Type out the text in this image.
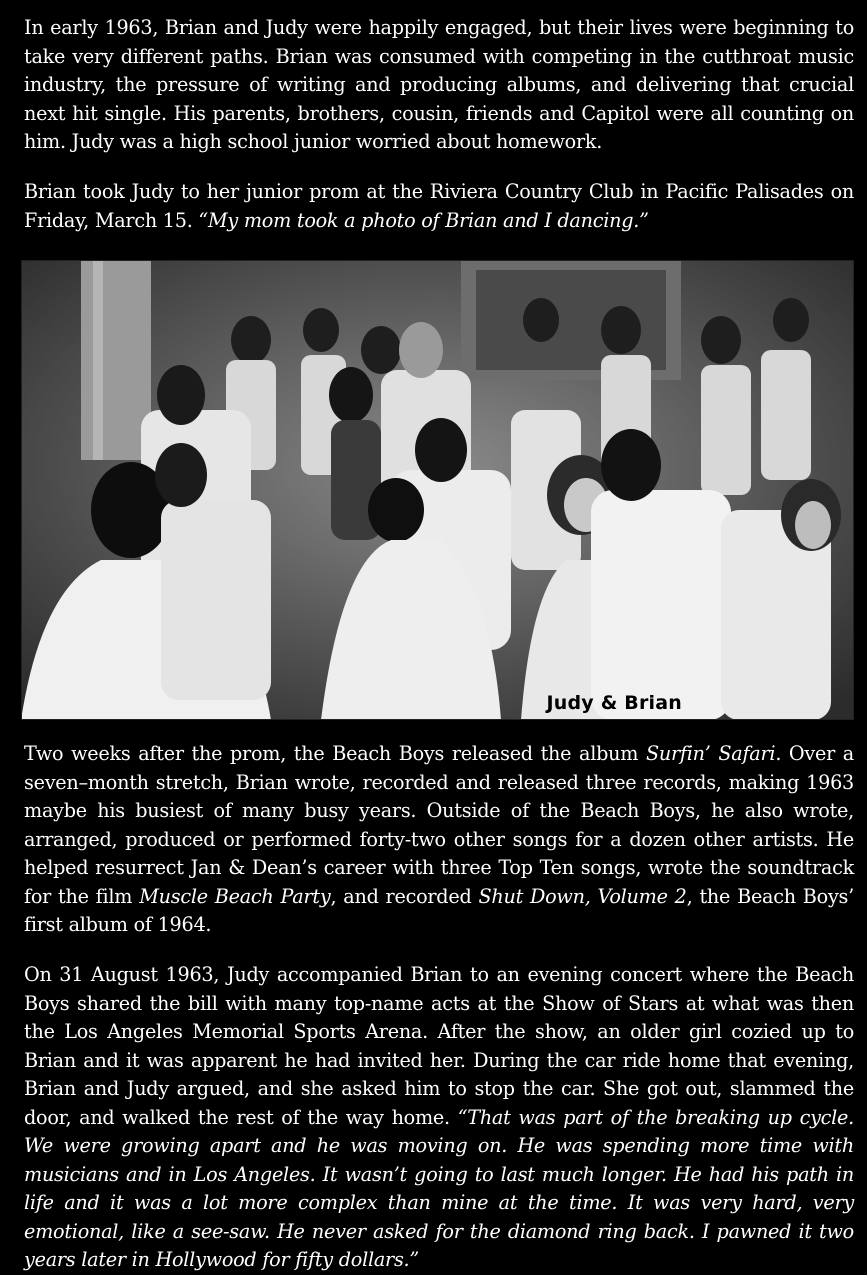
In early 1963, Brian and Judy were happily engaged, but their lives were beginning to take very different paths. Brian was consumed with competing in the cutthroat music industry, the pressure of writing and producing albums, and delivering that crucial next hit single. His parents, brothers, cousin, friends and Capitol were all counting on him. Judy was a high school junior worried about homework.

Brian took Judy to her junior prom at the Riviera Country Club in Pacific Palisades on Friday, March 15. “My mom took a photo of Brian and I dancing.”

Judy & Brian

Two weeks after the prom, the Beach Boys released the album Surfin’ Safari. Over a seven–month stretch, Brian wrote, recorded and released three records, making 1963 maybe his busiest of many busy years. Outside of the Beach Boys, he also wrote, arranged, produced or performed forty-two other songs for a dozen other artists. He helped resurrect Jan & Dean’s career with three Top Ten songs, wrote the soundtrack for the film Muscle Beach Party, and recorded Shut Down, Volume 2, the Beach Boys’ first album of 1964.

On 31 August 1963, Judy accompanied Brian to an evening concert where the Beach Boys shared the bill with many top-name acts at the Show of Stars at what was then the Los Angeles Memorial Sports Arena. After the show, an older girl cozied up to Brian and it was apparent he had invited her. During the car ride home that evening, Brian and Judy argued, and she asked him to stop the car. She got out, slammed the door, and walked the rest of the way home. “That was part of the breaking up cycle. We were growing apart and he was moving on. He was spending more time with musicians and in Los Angeles. It wasn’t going to last much longer. He had his path in life and it was a lot more complex than mine at the time. It was very hard, very emotional, like a see-saw. He never asked for the diamond ring back. I pawned it two years later in Hollywood for fifty dollars.”
